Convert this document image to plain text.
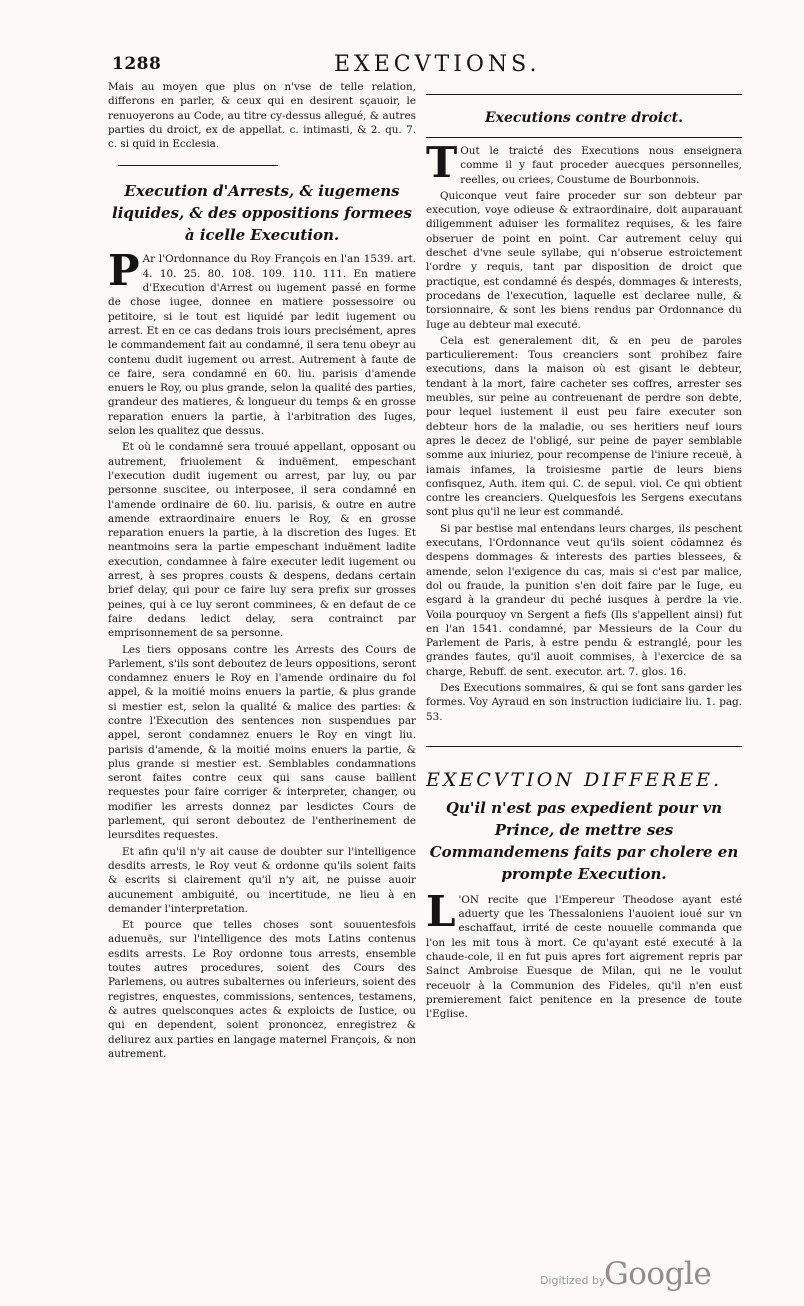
1288	EXECVTIONS.

Mais au moyen que plus on n'vse de telle relation, differons en parler, & ceux qui en desirent sçauoir, le renuoyerons au Code, au titre cy-dessus allegué, & autres parties du droict, ex de appellat. c. intimasti, & 2. qu. 7. c. si quid in Ecclesia.

Execution d'Arrests, & iugemens liquides, & des oppositions formees à icelle Execution.

P Ar l'Ordonnance du Roy François en l'an 1539. art. 4. 10. 25. 80. 108. 109. 110. 111. En matiere d'Execution d'Arrest ou iugement passé en forme de chose iugee, donnee en matiere possessoire ou petitoire, si le tout est liquidé par ledit iugement ou arrest. Et en ce cas dedans trois iours precisément, apres le commandement fait au condamné, il sera tenu obeyr au contenu dudit iugement ou arrest. Autrement à faute de ce faire, sera condamné en 60. liu. parisis d'amende enuers le Roy, ou plus grande, selon la qualité des parties, grandeur des matieres, & longueur du temps & en grosse reparation enuers la partie, à l'arbitration des Iuges, selon les qualitez que dessus.

Et où le condamné sera trouué appellant, opposant ou autrement, friuolement & induëment, empeschant l'execution dudit iugement ou arrest, par luy, ou par personne suscitee, ou interposee, il sera condamné en l'amende ordinaire de 60. liu. parisis, & outre en autre amende extraordinaire enuers le Roy, & en grosse reparation enuers la partie, à la discretion des Iuges. Et neantmoins sera la partie empeschant induëment ladite execution, condamnee à faire executer ledit iugement ou arrest, à ses propres cousts & despens, dedans certain brief delay, qui pour ce faire luy sera prefix sur grosses peines, qui à ce luy seront comminees, & en defaut de ce faire dedans ledict delay, sera contrainct par emprisonnement de sa personne.

Les tiers opposans contre les Arrests des Cours de Parlement, s'ils sont deboutez de leurs oppositions, seront condamnez enuers le Roy en l'amende ordinaire du fol appel, & la moitié moins enuers la partie, & plus grande si mestier est, selon la qualité & malice des parties: & contre l'Execution des sentences non suspendues par appel, seront condamnez enuers le Roy en vingt liu. parisis d'amende, & la moitié moins enuers la partie, & plus grande si mestier est. Semblables condamnations seront faites contre ceux qui sans cause baillent requestes pour faire corriger & interpreter, changer, ou modifier les arrests donnez par lesdictes Cours de parlement, qui seront deboutez de l'entherinement de leursdites requestes.

Et afin qu'il n'y ait cause de doubter sur l'intelligence desdits arrests, le Roy veut & ordonne qu'ils soient faits & escrits si clairement qu'il n'y ait, ne puisse auoir aucunement ambiguité, ou incertitude, ne lieu à en demander l'interpretation.

Et pource que telles choses sont souuentesfois aduenuës, sur l'intelligence des mots Latins contenus esdits arrests. Le Roy ordonne tous arrests, ensemble toutes autres procedures, soient des Cours des Parlemens, ou autres subalternes ou inferieurs, soient des registres, enquestes, commissions, sentences, testamens, & autres quelsconques actes & exploicts de Iustice, ou qui en dependent, soient prononcez, enregistrez & deliurez aux parties en langage maternel François, & non autrement.

Executions contre droict.

T Out le traicté des Executions nous enseignera comme il y faut proceder auecques personnelles, reelles, ou criees, Coustume de Bourbonnois.

Quiconque veut faire proceder sur son debteur par execution, voye odieuse & extraordinaire, doit auparauant diligemment aduiser les formalitez requises, & les faire obseruer de point en point. Car autrement celuy qui deschet d'vne seule syllabe, qui n'obserue estroictement l'ordre y requis, tant par disposition de droict que practique, est condamné és despés, dommages & interests, procedans de l'execution, laquelle est declaree nulle, & torsionnaire, & sont les biens rendus par Ordonnance du Iuge au debteur mal executé.

Cela est generalement dit, & en peu de paroles particulierement: Tous creanciers sont prohibez faire executions, dans la maison où est gisant le debteur, tendant à la mort, faire cacheter ses coffres, arrester ses meubles, sur peine au contreuenant de perdre son debte, pour lequel iustement il eust peu faire executer son debteur hors de la maladie, ou ses heritiers neuf iours apres le decez de l'obligé, sur peine de payer semblable somme aux iniuriez, pour recompense de l'iniure receuë, à iamais infames, la troisiesme partie de leurs biens confisquez, Auth. item qui. C. de sepul. viol. Ce qui obtient contre les creanciers. Quelquesfois les Sergens executans sont plus qu'il ne leur est commandé.

Si par bestise mal entendans leurs charges, ils peschent executans, l'Ordonnance veut qu'ils soient cõdamnez és despens dommages & interests des parties blessees, & amende, selon l'exigence du cas, mais si c'est par malice, dol ou fraude, la punition s'en doit faire par le Iuge, eu esgard à la grandeur du peché iusques à perdre la vie. Voila pourquoy vn Sergent a fiefs (Ils s'appellent ainsi) fut en l'an 1541. condamné, par Messieurs de la Cour du Parlement de Paris, à estre pendu & estranglé, pour les grandes fautes, qu'il auoit commises, à l'exercice de sa charge, Rebuff. de sent. executor. art. 7. glos. 16.

Des Executions sommaires, & qui se font sans garder les formes. Voy Ayraud en son instruction iudiciaire liu. 1. pag. 53.

EXECVTION DIFFEREE.

Qu'il n'est pas expedient pour vn Prince, de mettre ses Commandemens faits par cholere en prompte Execution.

L 'ON recite que l'Empereur Theodose ayant esté aduerty que les Thessaloniens l'auoient ioué sur vn eschaffaut, irrité de ceste nouuelle commanda que l'on les mit tous à mort. Ce qu'ayant esté executé à la chaude-cole, il en fut puis apres fort aigrement repris par Sainct Ambroise Euesque de Milan, qui ne le voulut receuoir à la Communion des Fideles, qu'il n'en eust premierement faict penitence en la presence de toute l'Eglise.

Digitized by
Google
